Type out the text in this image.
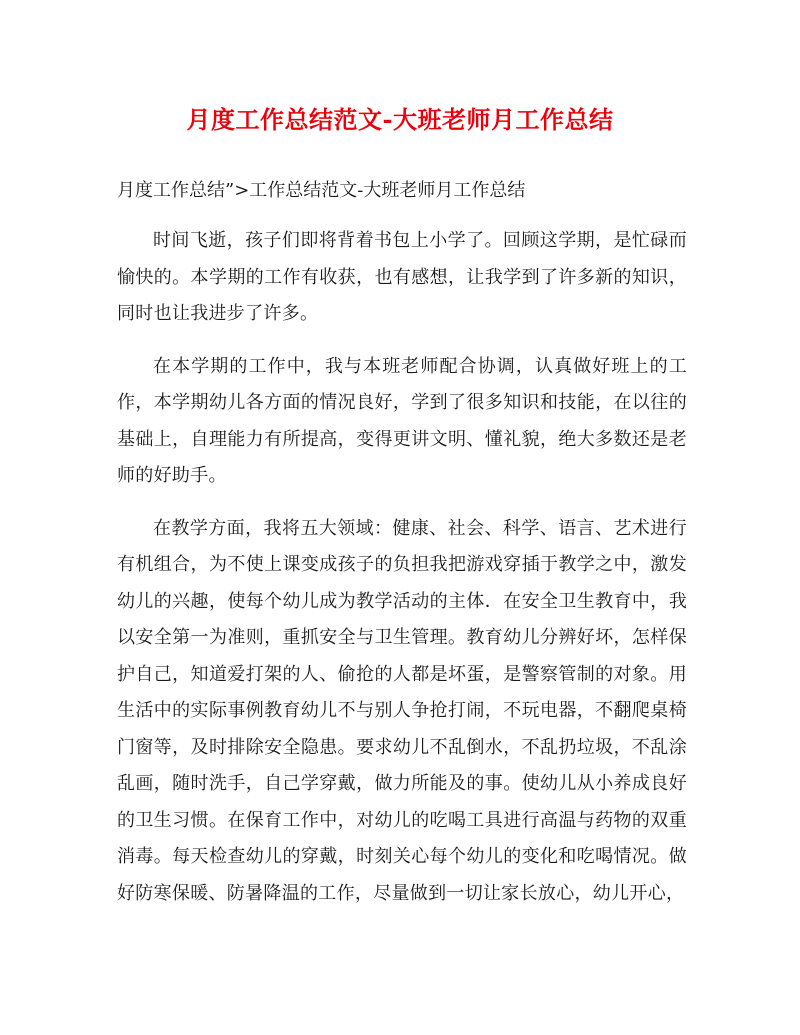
月度工作总结范文-大班老师月工作总结
月度工作总结”>工作总结范文-大班老师月工作总结

时间飞逝，孩子们即将背着书包上小学了。回顾这学期，是忙碌而愉快的。本学期的工作有收获，也有感想，让我学到了许多新的知识，同时也让我进步了许多。

在本学期的工作中，我与本班老师配合协调，认真做好班上的工作，本学期幼儿各方面的情况良好，学到了很多知识和技能，在以往的基础上，自理能力有所提高，变得更讲文明、懂礼貌，绝大多数还是老师的好助手。

在教学方面，我将五大领域：健康、社会、科学、语言、艺术进行有机组合，为不使上课变成孩子的负担我把游戏穿插于教学之中，激发幼儿的兴趣，使每个幼儿成为教学活动的主体．在安全卫生教育中，我以安全第一为准则，重抓安全与卫生管理。教育幼儿分辨好坏，怎样保护自己，知道爱打架的人、偷抢的人都是坏蛋，是警察管制的对象。用生活中的实际事例教育幼儿不与别人争抢打闹，不玩电器，不翻爬桌椅门窗等，及时排除安全隐患。要求幼儿不乱倒水，不乱扔垃圾，不乱涂乱画，随时洗手，自己学穿戴，做力所能及的事。使幼儿从小养成良好的卫生习惯。在保育工作中，对幼儿的吃喝工具进行高温与药物的双重消毒。每天检查幼儿的穿戴，时刻关心每个幼儿的变化和吃喝情况。做好防寒保暖、防暑降温的工作，尽量做到一切让家长放心，幼儿开心，
